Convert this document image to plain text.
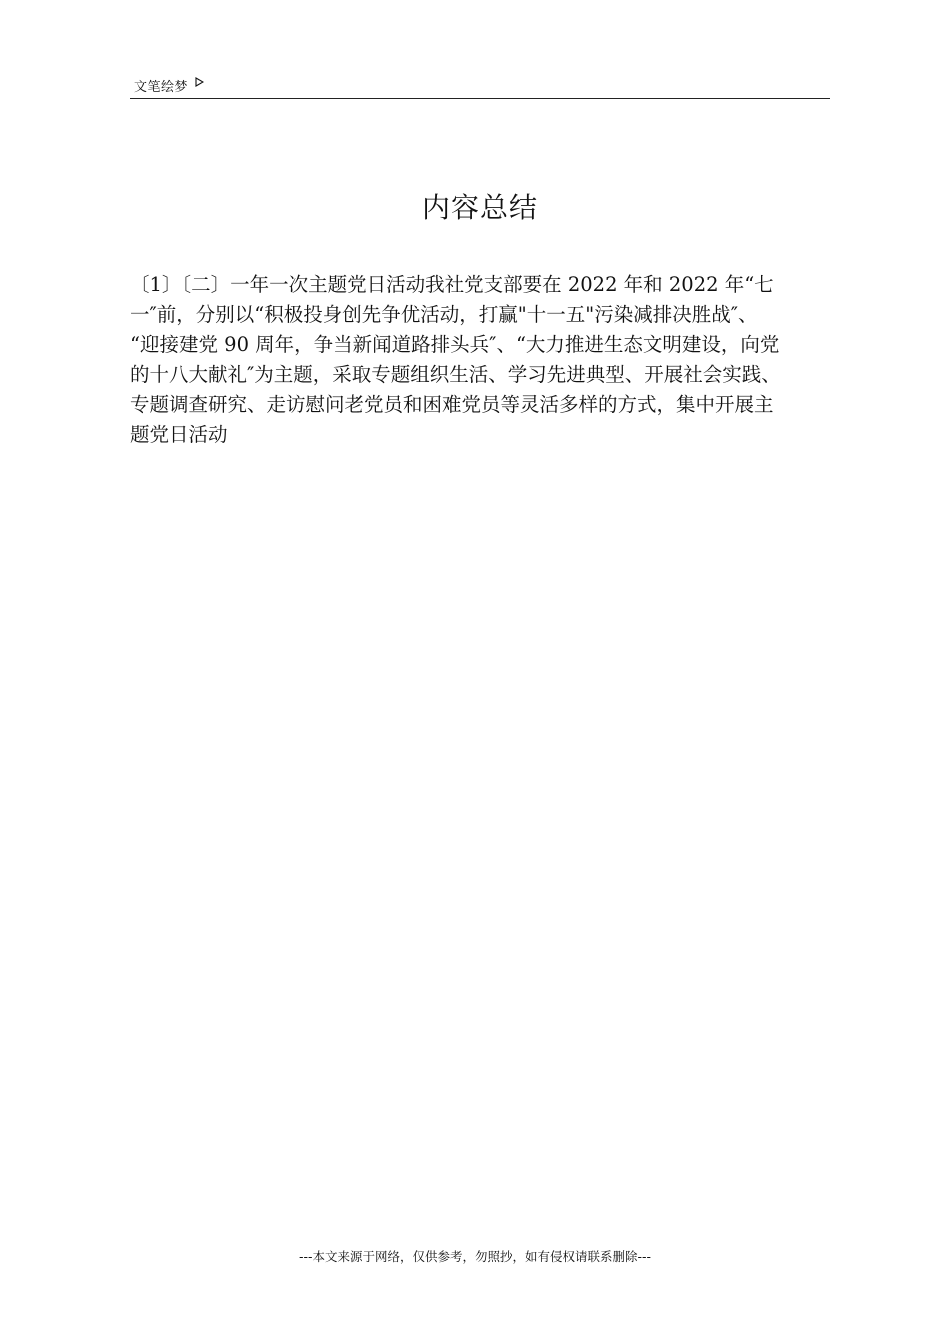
文笔绘梦
内容总结
〔1〕〔二〕一年一次主题党日活动我社党支部要在 2022 年和 2022 年“七
一″前，分别以“积极投身创先争优活动，打赢"十一五"污染减排决胜战″、
“迎接建党 90 周年，争当新闻道路排头兵″、“大力推进生态文明建设，向党
的十八大献礼″为主题，采取专题组织生活、学习先进典型、开展社会实践、
专题调查研究、走访慰问老党员和困难党员等灵活多样的方式，集中开展主
题党日活动
---本文来源于网络，仅供参考，勿照抄，如有侵权请联系删除---
